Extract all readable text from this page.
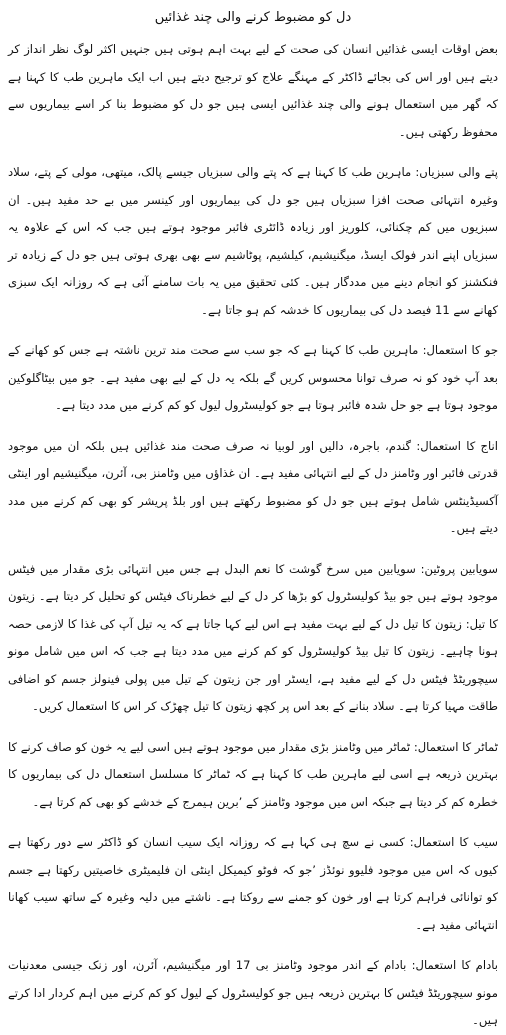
دل کو مضبوط کرنے والی چند غذائیں

بعض اوقات ایسی غذائیں انسان کی صحت کے لیے بہت اہم ہوتی ہیں جنہیں اکثر لوگ نظر انداز کر دیتے ہیں اور اس کی بجائے ڈاکٹر کے مہنگے علاج کو ترجیح دیتے ہیں اب ایک ماہرین طب کا کہنا ہے کہ گھر میں استعمال ہونے والی چند غذائیں ایسی ہیں جو دل کو مضبوط بنا کر اسے بیماریوں سے محفوظ رکھتی ہیں۔

پتے والی سبزیاں: ماہرین طب کا کہنا ہے کہ پتے والی سبزیاں جیسے پالک، میتھی، مولی کے پتے، سلاد وغیرہ انتہائی صحت افزا سبزیاں ہیں جو دل کی بیماریوں اور کینسر میں بے حد مفید ہیں۔ ان سبزیوں میں کم چکنائی، کلوریز اور زیادہ ڈائٹری فائبر موجود ہوتے ہیں جب کہ اس کے علاوہ یہ سبزیاں اپنے اندر فولک ایسڈ، میگنیشیم، کیلشیم، پوٹاشیم سے بھی بھری ہوتی ہیں جو دل کے زیادہ تر فنکشنز کو انجام دینے میں مددگار ہیں۔ کئی تحقیق میں یہ بات سامنے آئی ہے کہ روزانہ ایک سبزی کھانے سے 11 فیصد دل کی بیماریوں کا خدشہ کم ہو جاتا ہے۔

جو کا استعمال: ماہرین طب کا کہنا ہے کہ جو سب سے صحت مند ترین ناشتہ ہے جس کو کھانے کے بعد آپ خود کو نہ صرف توانا محسوس کریں گے بلکہ یہ دل کے لیے بھی مفید ہے۔ جو میں بیٹاگلوکین موجود ہوتا ہے جو حل شدہ فائبر ہوتا ہے جو کولیسٹرول لیول کو کم کرنے میں مدد دیتا ہے۔

اناج کا استعمال: گندم، باجرہ، دالیں اور لوبیا نہ صرف صحت مند غذائیں ہیں بلکہ ان میں موجود قدرتی فائبر اور وٹامنز دل کے لیے انتہائی مفید ہے۔ ان غذاؤں میں وٹامنز بی، آئرن، میگنیشیم اور اینٹی آکسیڈینٹس شامل ہوتے ہیں جو دل کو مضبوط رکھتے ہیں اور بلڈ پریشر کو بھی کم کرنے میں مدد دیتے ہیں۔

سویابین پروٹین: سویابین میں سرخ گوشت کا نعم البدل ہے جس میں انتہائی بڑی مقدار میں فیٹس موجود ہوتے ہیں جو بیڈ کولیسٹرول کو بڑھا کر دل کے لیے خطرناک فیٹس کو تحلیل کر دیتا ہے۔ زیتون کا تیل: زیتون کا تیل دل کے لیے بہت مفید ہے اس لیے کہا جاتا ہے کہ یہ تیل آپ کی غذا کا لازمی حصہ ہونا چاہیے۔ زیتون کا تیل بیڈ کولیسٹرول کو کم کرنے میں مدد دیتا ہے جب کہ اس میں شامل مونو سیچوریٹڈ فیٹس دل کے لیے مفید ہے، ایسٹر اور جن زیتون کے تیل میں پولی فینولز جسم کو اضافی طاقت مہیا کرتا ہے۔ سلاد بنانے کے بعد اس پر کچھ زیتون کا تیل چھڑک کر اس کا استعمال کریں۔

ٹماٹر کا استعمال: ٹماٹر میں وٹامنز بڑی مقدار میں موجود ہوتے ہیں اسی لیے یہ خون کو صاف کرنے کا بہترین ذریعہ ہے اسی لیے ماہرین طب کا کہنا ہے کہ ٹماٹر کا مسلسل استعمال دل کی بیماریوں کا خطرہ کم کر دیتا ہے جبکہ اس میں موجود وٹامنز کے ’برین ہیمرج کے خدشے کو بھی کم کرتا ہے۔

سیب کا استعمال: کسی نے سچ ہی کہا ہے کہ روزانہ ایک سیب انسان کو ڈاکٹر سے دور رکھتا ہے کیوں کہ اس میں موجود فلیوو نوئڈز ’جو کہ فوٹو کیمیکل اینٹی ان فلیمیٹری خاصیتیں رکھتا ہے جسم کو توانائی فراہم کرتا ہے اور خون کو جمنے سے روکتا ہے۔ ناشتے میں دلیہ وغیرہ کے ساتھ سیب کھانا انتہائی مفید ہے۔

بادام کا استعمال: بادام کے اندر موجود وٹامنز بی 17 اور میگنیشیم، آئرن، اور زنک جیسی معدنیات مونو سیچوریٹڈ فیٹس کا بہترین ذریعہ ہیں جو کولیسٹرول کے لیول کو کم کرنے میں اہم کردار ادا کرتے ہیں۔
